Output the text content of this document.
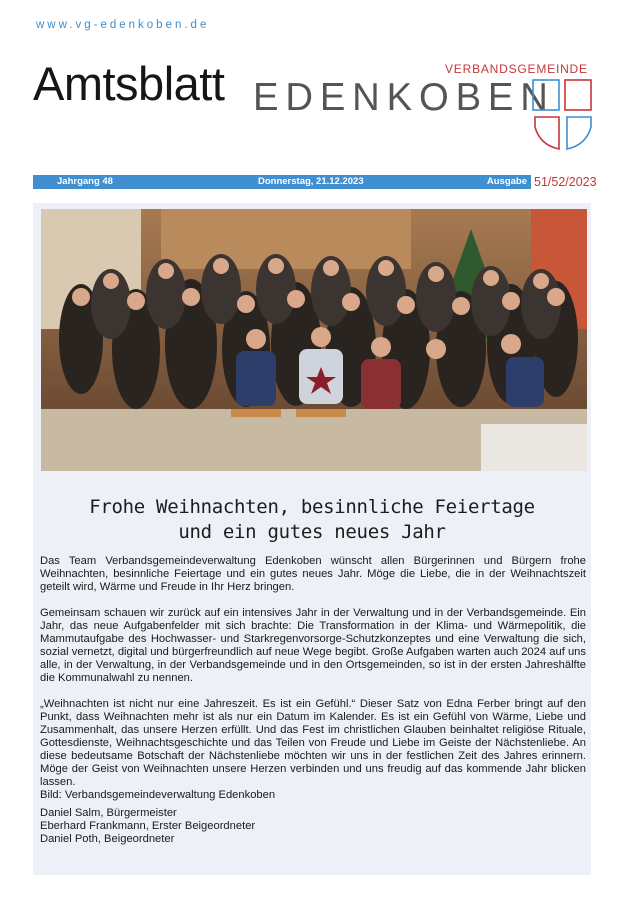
www.vg-edenkoben.de
Amtsblatt	VERBANDSGEMEINDE
EDENKOBEN
Jahrgang 48	Donnerstag, 21.12.2023	Ausgabe 51/52/2023
Frohe Weihnachten, besinnliche Feiertage
und ein gutes neues Jahr

Das Team Verbandsgemeindeverwaltung Edenkoben wünscht allen Bürgerinnen und Bürgern frohe Weihnachten, besinnliche Feiertage und ein gutes neues Jahr. Möge die Liebe, die in der Weihnachtszeit geteilt wird, Wärme und Freude in Ihr Herz bringen.

Gemeinsam schauen wir zurück auf ein intensives Jahr in der Verwaltung und in der Verbandsgemeinde. Ein Jahr, das neue Aufgabenfelder mit sich brachte: Die Transformation in der Klima- und Wärmepolitik, die Mammutaufgabe des Hochwasser- und Starkregenvorsorge-Schutzkonzeptes und eine Verwaltung die sich, sozial vernetzt, digital und bürgerfreundlich auf neue Wege begibt. Große Aufgaben warten auch 2024 auf uns alle, in der Verwaltung, in der Verbandsgemeinde und in den Ortsgemeinden, so ist in der ersten Jahreshälfte die Kommunalwahl zu nennen.

„Weihnachten ist nicht nur eine Jahreszeit. Es ist ein Gefühl.“ Dieser Satz von Edna Ferber bringt auf den Punkt, dass Weihnachten mehr ist als nur ein Datum im Kalender. Es ist ein Gefühl von Wärme, Liebe und Zusammenhalt, das unsere Herzen erfüllt. Und das Fest im christlichen Glauben beinhaltet religiöse Rituale, Gottesdienste, Weihnachtsgeschichte und das Teilen von Freude und Liebe im Geiste der Nächstenliebe. An diese bedeutsame Botschaft der Nächstenliebe möchten wir uns in der festlichen Zeit des Jahres erinnern. Möge der Geist von Weihnachten unsere Herzen verbinden und uns freudig auf das kommende Jahr blicken lassen.

Bild: Verbandsgemeindeverwaltung Edenkoben

Daniel Salm, Bürgermeister

Eberhard Frankmann, Erster Beigeordneter

Daniel Poth, Beigeordneter
